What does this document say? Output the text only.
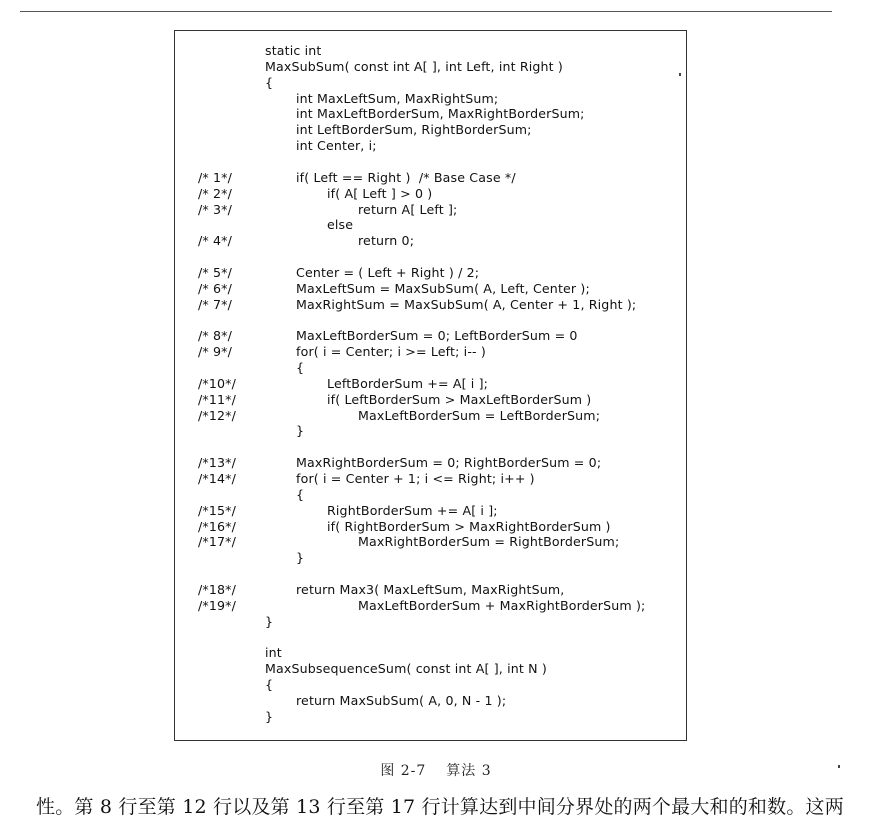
static int
MaxSubSum( const int A[ ], int Left, int Right )
{
int MaxLeftSum, MaxRightSum;
int MaxLeftBorderSum, MaxRightBorderSum;
int LeftBorderSum, RightBorderSum;
int Center, i;
/* 1*/	if( Left == Right )  /* Base Case */
/* 2*/	if( A[ Left ] > 0 )
/* 3*/	return A[ Left ];
else
/* 4*/	return 0;
/* 5*/	Center = ( Left + Right ) / 2;
/* 6*/	MaxLeftSum = MaxSubSum( A, Left, Center );
/* 7*/	MaxRightSum = MaxSubSum( A, Center + 1, Right );
/* 8*/	MaxLeftBorderSum = 0; LeftBorderSum = 0
/* 9*/	for( i = Center; i >= Left; i-- )
{
/*10*/	LeftBorderSum += A[ i ];
/*11*/	if( LeftBorderSum > MaxLeftBorderSum )
/*12*/	MaxLeftBorderSum = LeftBorderSum;
}
/*13*/	MaxRightBorderSum = 0; RightBorderSum = 0;
/*14*/	for( i = Center + 1; i <= Right; i++ )
{
/*15*/	RightBorderSum += A[ i ];
/*16*/	if( RightBorderSum > MaxRightBorderSum )
/*17*/	MaxRightBorderSum = RightBorderSum;
}
/*18*/	return Max3( MaxLeftSum, MaxRightSum,
/*19*/	MaxLeftBorderSum + MaxRightBorderSum );
}
int
MaxSubsequenceSum( const int A[ ], int N )
{
return MaxSubSum( A, 0, N - 1 );
}
图 2-7 算法 3
性。第 8 行至第 12 行以及第 13 行至第 17 行计算达到中间分界处的两个最大和的和数。这两
